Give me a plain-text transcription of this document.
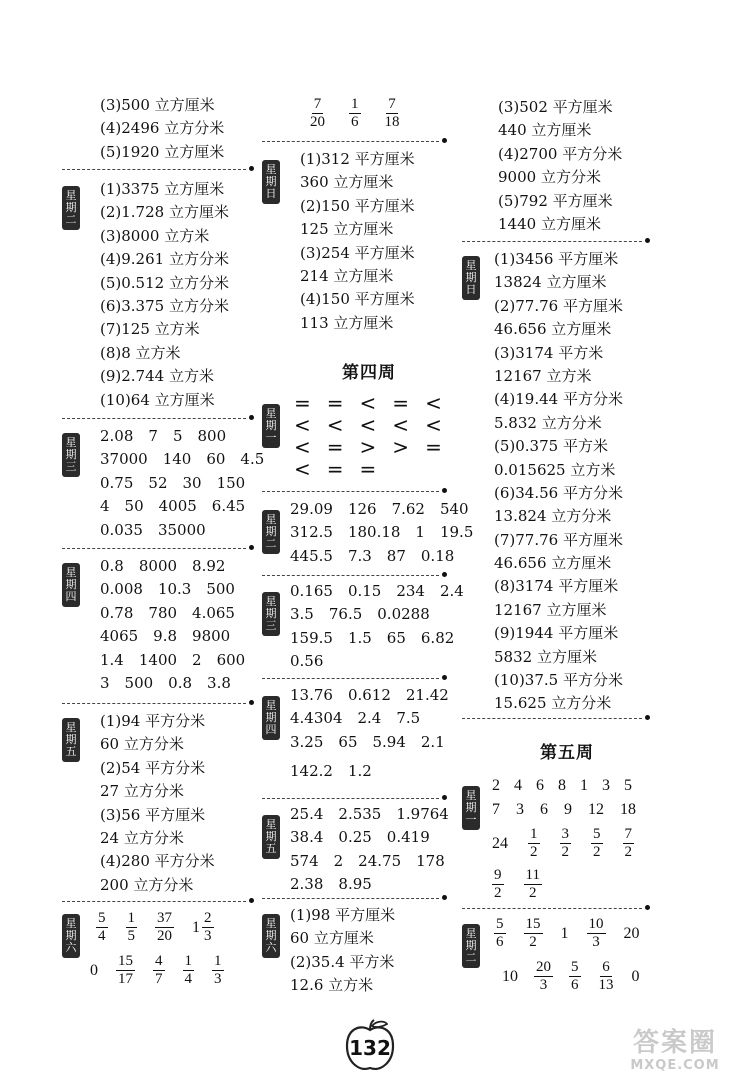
(3)500 立方厘米
(4)2496 立方分米
(5)1920 立方厘米
星
期
二
(1)3375 立方厘米
(2)1.728 立方厘米
(3)8000 立方米
(4)9.261 立方分米
(5)0.512 立方分米
(6)3.375 立方分米
(7)125 立方米
(8)8 立方米
(9)2.744 立方米
(10)64 立方厘米
星
期
三
2.08　7　5　800
37000　140　60　4.5
0.75　52　30　150
4　50　4005　6.45
0.035　35000
星
期
四
0.8　8000　8.92
0.008　10.3　500
0.78　780　4.065
4065　9.8　9800
1.4　1400　2　600
3　500　0.8　3.8
星
期
五
(1)94 平方分米
60 立方分米
(2)54 平方分米
27 立方分米
(3)56 平方厘米
24 立方分米
(4)280 平方分米
200 立方分米
星
期
六
$\frac{5}{4} \frac{1}{5} \frac{37}{20} 1 \frac{2}{3}$
$0 \frac{15}{17} \frac{4}{7} \frac{1}{4} \frac{1}{3}$
$\frac{7}{20} \frac{1}{6} \frac{7}{18}$
星
期
日
(1)312 平方厘米
360 立方厘米
(2)150 平方厘米
125 立方厘米
(3)254 平方厘米
214 立方厘米
(4)150 平方厘米
113 立方厘米
第四周
星
期
一
= = < = <
< < < < <
< = > > =
< = =
星
期
二
29.09　126　7.62　540
312.5　180.18　1　19.5
445.5　7.3　87　0.18
星
期
三
0.165　0.15　234　2.4
3.5　76.5　0.0288
159.5　1.5　65　6.82
0.56
星
期
四
13.76　0.612　21.42
4.4304　2.4　7.5
3.25　65　5.94　2.1
142.2　1.2
星
期
五
25.4　2.535　1.9764
38.4　0.25　0.419
574　2　24.75　178
2.38　8.95
星
期
六
(1)98 平方厘米
60 立方厘米
(2)35.4 平方米
12.6 立方米
(3)502 平方厘米
440 立方厘米
(4)2700 平方分米
9000 立方分米
(5)792 平方厘米
1440 立方厘米
星
期
日
(1)3456 平方厘米
13824 立方厘米
(2)77.76 平方厘米
46.656 立方厘米
(3)3174 平方米
12167 立方米
(4)19.44 平方分米
5.832 立方分米
(5)0.375 平方米
0.015625 立方米
(6)34.56 平方分米
13.824 立方分米
(7)77.76 平方厘米
46.656 立方厘米
(8)3174 平方厘米
12167 立方厘米
(9)1944 平方厘米
5832 立方厘米
(10)37.5 平方分米
15.625 立方分米
第五周
星
期
一
2 4 6 8 1 3 5
7 3 6 9 12 18
$24 \frac{1}{2} \frac{3}{2} \frac{5}{2} \frac{7}{2}$
$\frac{9}{2} \frac{11}{2}$
星
期
二
$\frac{5}{6} \frac{15}{2} 1 \frac{10}{3} 20$
$10 \frac{20}{3} \frac{5}{6} \frac{6}{13} 0$
132	答案圈
MXQE.COM
